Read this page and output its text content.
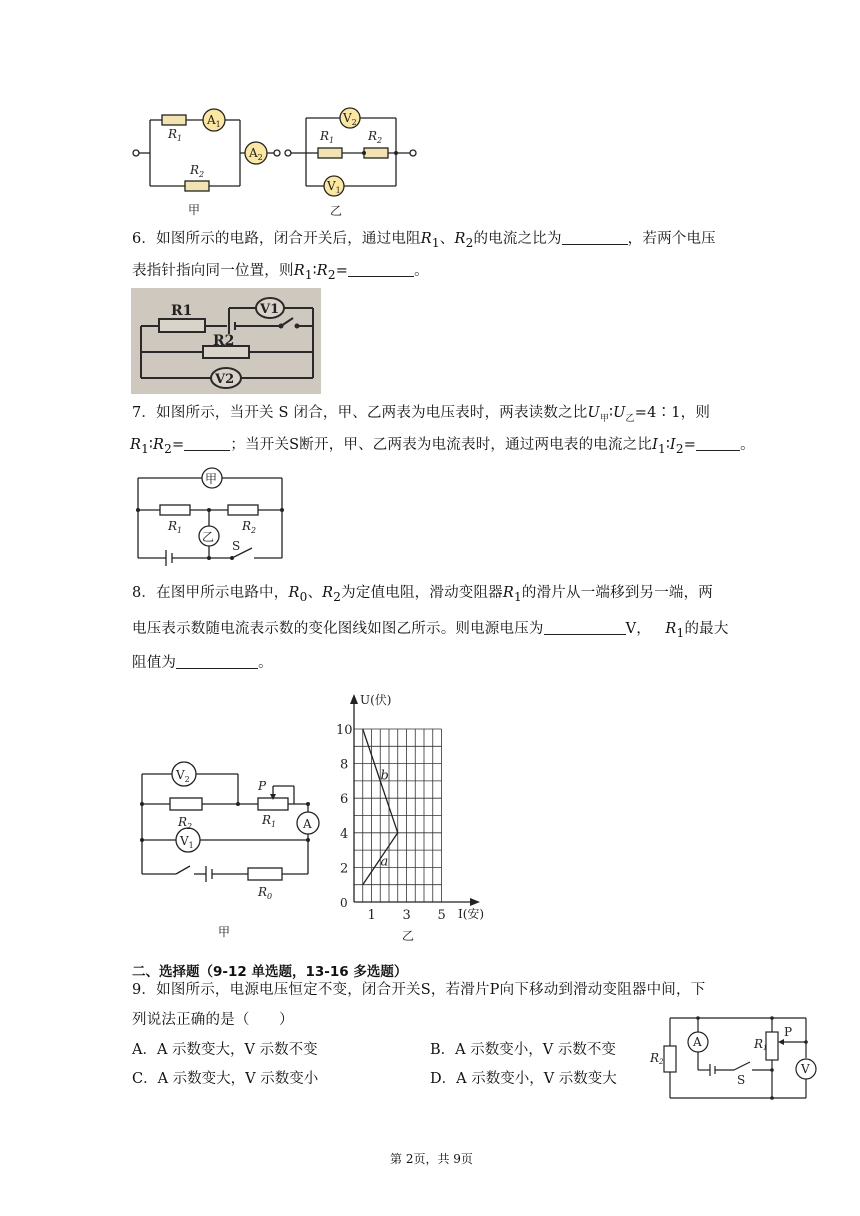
$A_1$
$A_2$
$R_1$
$R_2$
甲
$V_2$
$V_1$
$R_1$	$R_2$
乙
6．如图所示的电路，闭合开关后，通过电阻$R_1$、$R_2$的电流之比为	，若两个电压
表指针指向同一位置，则$R_1∶R_2=$	。
R1
R2
V1
V2
7．如图所示，当开关 S 闭合，甲、乙两表为电压表时，两表读数之比$U_甲∶U_乙=4∶1$，则
$R_1∶R_2=$	；当开关S断开，甲、乙两表为电流表时，通过两电表的电流之比$I_1∶I_2=$	。
甲
乙
$R_1$	$R_2$
S
8．在图甲所示电路中，$R_0$、$R_2$为定值电阻，滑动变阻器$R_1$的滑片从一端移到另一端，两
电压表示数随电流表示数的变化图线如图乙所示。则电源电压为	V， $R_1$的最大
阻值为	。
$V_2$
$V_1$
A
P
$R_2$	$R_1$
$R_0$
甲
1 3 5
2
4
6
8
10
a
b
U(伏)
I(安)
0
乙
二、选择题（9-12 单选题，13-16 多选题）
9．如图所示，电源电压恒定不变，闭合开关S，若滑片P向下移动到滑动变阻器中间，下
列说法正确的是（　　）
A．A 示数变大，V 示数不变	B．A 示数变小，V 示数不变
C．A 示数变大，V 示数变小	D．A 示数变小，V 示数变大
A
V
R2
R1
P
S
第 2页，共 9页
